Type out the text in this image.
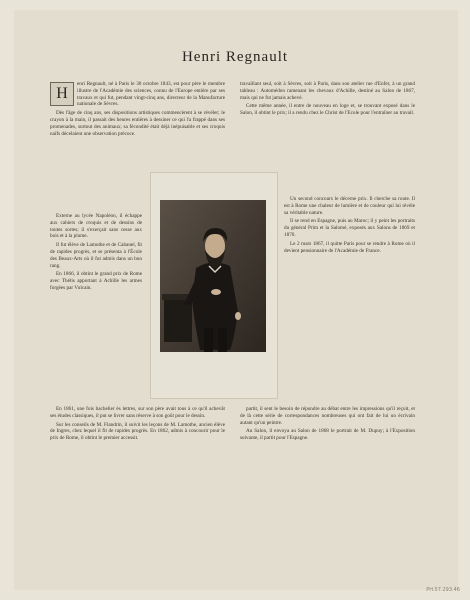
Henri Regnault
H

enri Regnault, né à Paris le 30 octobre 1843, est pour père le membre illustre de l'Académie des sciences, connu de l'Europe entière par ses travaux et qui fut, pendant vingt-cinq ans, directeur de la Manufacture nationale de Sèvres.

Dès l'âge de cinq ans, ses dispositions artistiques commencèrent à se révéler; le crayon à la main, il passait des heures entières à dessiner ce qui l'a frappé dans ses promenades, surtout des animaux; sa fécondité était déjà inépuisable et ses croquis naïfs décelaient une observation précoce.

Externe au lycée Napoléon, il échappe aux cahiers de croquis et de dessins de toutes sortes; il s'exerçait sans cesse aux bois et à la plume.

Il fut élève de Lamothe et de Cabanel, fit de rapides progrès, et se présenta à l'École des Beaux-Arts où il fut admis dans un bon rang.

En 1866, il obtint le grand prix de Rome avec Thétis apportant à Achille les armes forgées par Vulcain.

En 1861, une fois bachelier ès lettres, sur son père avait tous à ce qu'il achevât ses études classiques, il put se livrer sans réserve à son goût pour le dessin.

Sur les conseils de M. Flandrin, il suivit les leçons de M. Lamothe, ancien élève de Ingres, chez lequel il fit de rapides progrès. En 1862, admis à concourir pour le prix de Rome, il obtint le premier accessit.

travaillant seul, soit à Sèvres, soit à Paris, dans son atelier rue d'Enfer, à un grand tableau : Automédon ramenant les chevaux d'Achille, destiné au Salon de 1867, mais qui ne fut jamais achevé.

Cette même année, il entre de nouveau en loge et, se trouvant exposé dans le Salon, il obtint le prix; il a rendu chez le Christ de l'Ecole pour l'entraîner au travail.

Un second concours le décerne prix. Il cherche sa route. Il est à Rome une chaleur de lumière et de couleur qui lui révèle sa véritable nature.

Il se rend en Espagne, puis au Maroc; il y peint les portraits du général Prim et la Salomé, exposés aux Salons de 1869 et 1870.

Le 2 mars 1867, il quitte Paris pour se rendre à Rome où il devient pensionnaire de l'Académie de France.

partit, il sent le besoin de répondre au débat entre les impressions qu'il reçoit, et de là cette série de correspondances nombreuses qui ont fait de lui un écrivain autant qu'un peintre.

Au Salon, il envoya au Salon de 1868 le portrait de M. Dupuy; à l'Exposition suivante, il partit pour l'Espagne.

PH.57.293.46
